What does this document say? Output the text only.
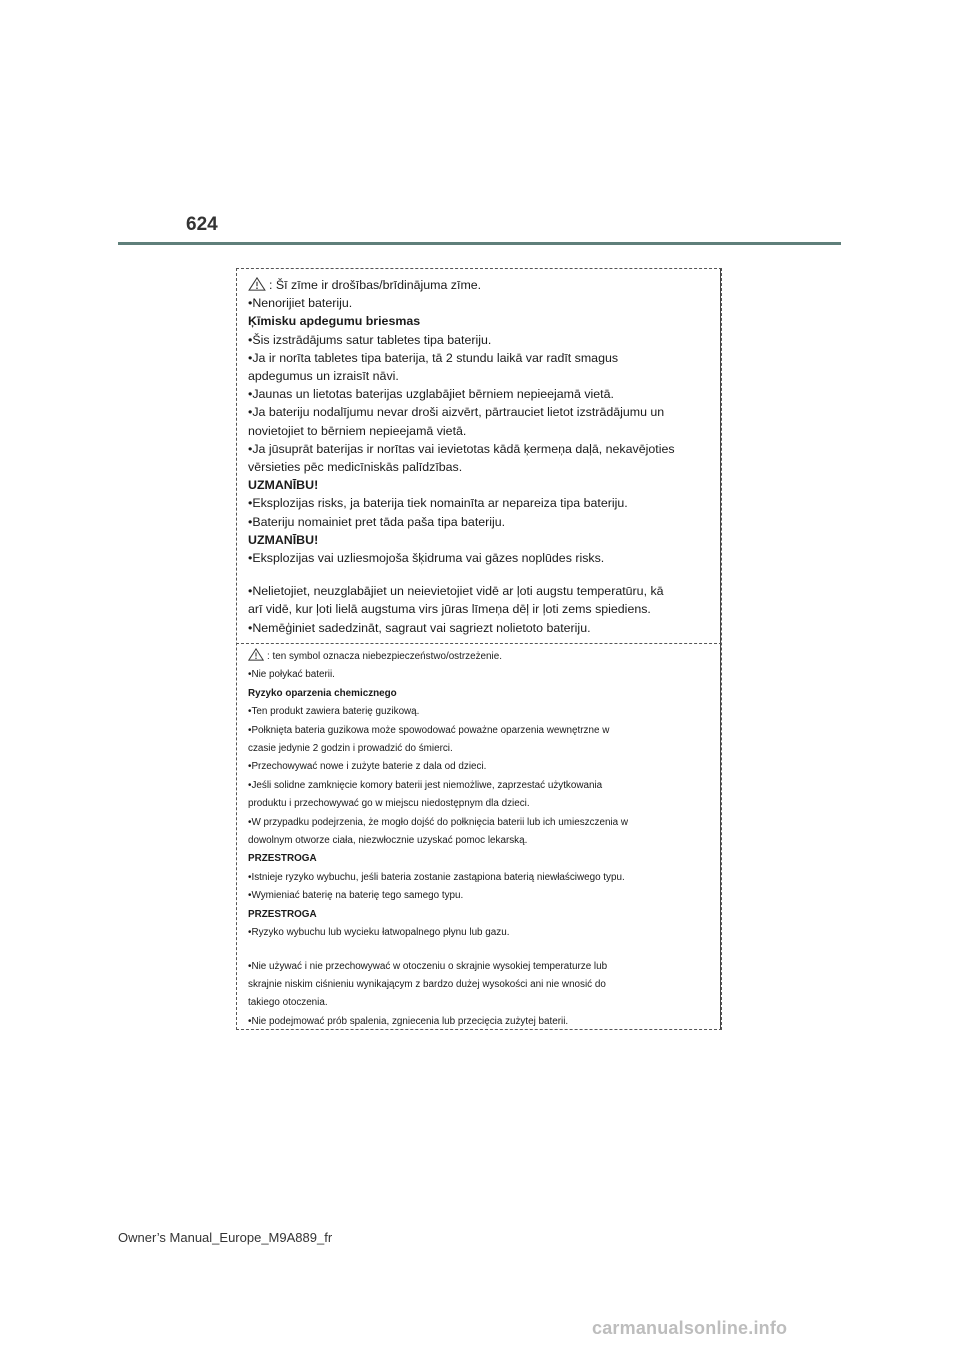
624
: Šī zīme ir drošības/brīdinājuma zīme.
•Nenorijiet bateriju.
Ķīmisku apdegumu briesmas
•Šis izstrādājums satur tabletes tipa bateriju.
•Ja ir norīta tabletes tipa baterija, tā 2 stundu laikā var radīt smagus
apdegumus un izraisīt nāvi.
•Jaunas un lietotas baterijas uzglabājiet bērniem nepieejamā vietā.
•Ja bateriju nodalījumu nevar droši aizvērt, pārtrauciet lietot izstrādājumu un
novietojiet to bērniem nepieejamā vietā.
•Ja jūsuprāt baterijas ir norītas vai ievietotas kādā ķermeņa daļā, nekavējoties
vērsieties pēc medicīniskās palīdzības.
UZMANĪBU!
•Eksplozijas risks, ja baterija tiek nomainīta ar nepareiza tipa bateriju.
•Bateriju nomainiet pret tāda paša tipa bateriju.
UZMANĪBU!
•Eksplozijas vai uzliesmojoša šķidruma vai gāzes noplūdes risks.
•Nelietojiet, neuzglabājiet un neievietojiet vidē ar ļoti augstu temperatūru, kā
arī vidē, kur ļoti lielā augstuma virs jūras līmeņa dēļ ir ļoti zems spiediens.
•Nemēģiniet sadedzināt, sagraut vai sagriezt nolietoto bateriju.
: ten symbol oznacza niebezpieczeństwo/ostrzeżenie.
•Nie połykać baterii.
Ryzyko oparzenia chemicznego
•Ten produkt zawiera baterię guzikową.
•Połknięta bateria guzikowa może spowodować poważne oparzenia wewnętrzne w
czasie jedynie 2 godzin i prowadzić do śmierci.
•Przechowywać nowe i zużyte baterie z dala od dzieci.
•Jeśli solidne zamknięcie komory baterii jest niemożliwe, zaprzestać użytkowania
produktu i przechowywać go w miejscu niedostępnym dla dzieci.
•W przypadku podejrzenia, że mogło dojść do połknięcia baterii lub ich umieszczenia w
dowolnym otworze ciała, niezwłocznie uzyskać pomoc lekarską.
PRZESTROGA
•Istnieje ryzyko wybuchu, jeśli bateria zostanie zastąpiona baterią niewłaściwego typu.
•Wymieniać baterię na baterię tego samego typu.
PRZESTROGA
•Ryzyko wybuchu lub wycieku łatwopalnego płynu lub gazu.
•Nie używać i nie przechowywać w otoczeniu o skrajnie wysokiej temperaturze lub
skrajnie niskim ciśnieniu wynikającym z bardzo dużej wysokości ani nie wnosić do
takiego otoczenia.
•Nie podejmować prób spalenia, zgniecenia lub przecięcia zużytej baterii.
Owner’s Manual_Europe_M9A889_fr
carmanualsonline.info
